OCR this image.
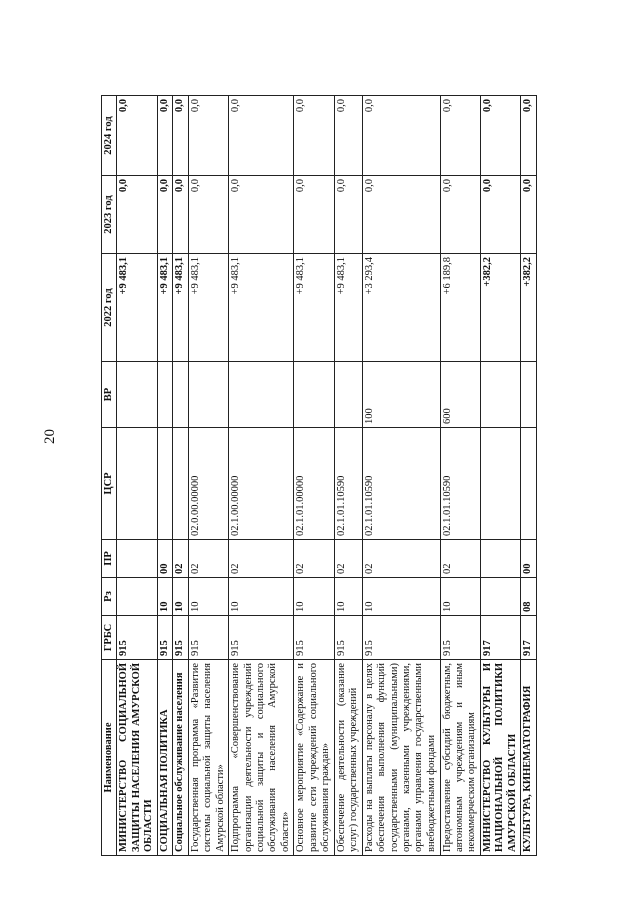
20
Наименование	ГРБС	Рз	ПР	ЦСР	ВР	2022 год	2023 год	2024 год
МИНИСТЕРСТВО СОЦИАЛЬНОЙ ЗАЩИТЫ НАСЕЛЕНИЯ АМУРСКОЙ ОБЛАСТИ	915					+9 483,1	0,0	0,0
СОЦИАЛЬНАЯ ПОЛИТИКА	915	10	00			+9 483,1	0,0	0,0
Социальное обслуживание населения	915	10	02			+9 483,1	0,0	0,0
Государственная программа «Развитие системы социальной защиты населения Амурской области»	915	10	02	02.0.00.00000		+9 483,1	0,0	0,0
Подпрограмма «Совершенствование организации деятельности учреждений социальной защиты и социального обслуживания населения Амурской области»	915	10	02	02.1.00.00000		+9 483,1	0,0	0,0
Основное мероприятие «Содержание и развитие сети учреждений социального обслуживания граждан»	915	10	02	02.1.01.00000		+9 483,1	0,0	0,0
Обеспечение деятельности (оказание услуг) государственных учреждений	915	10	02	02.1.01.10590		+9 483,1	0,0	0,0
Расходы на выплаты персоналу в целях обеспечения выполнения функций государственными (муниципальными) органами, казенными учреждениями, органами управления государственными внебюджетными фондами	915	10	02	02.1.01.10590	100	+3 293,4	0,0	0,0
Предоставление субсидий бюджетным, автономным учреждениям и иным некоммерческим организациям	915	10	02	02.1.01.10590	600	+6 189,8	0,0	0,0
МИНИСТЕРСТВО КУЛЬТУРЫ И НАЦИОНАЛЬНОЙ ПОЛИТИКИ АМУРСКОЙ ОБЛАСТИ	917					+382,2	0,0	0,0
КУЛЬТУРА, КИНЕМАТОГРАФИЯ	917	08	00			+382,2	0,0	0,0
